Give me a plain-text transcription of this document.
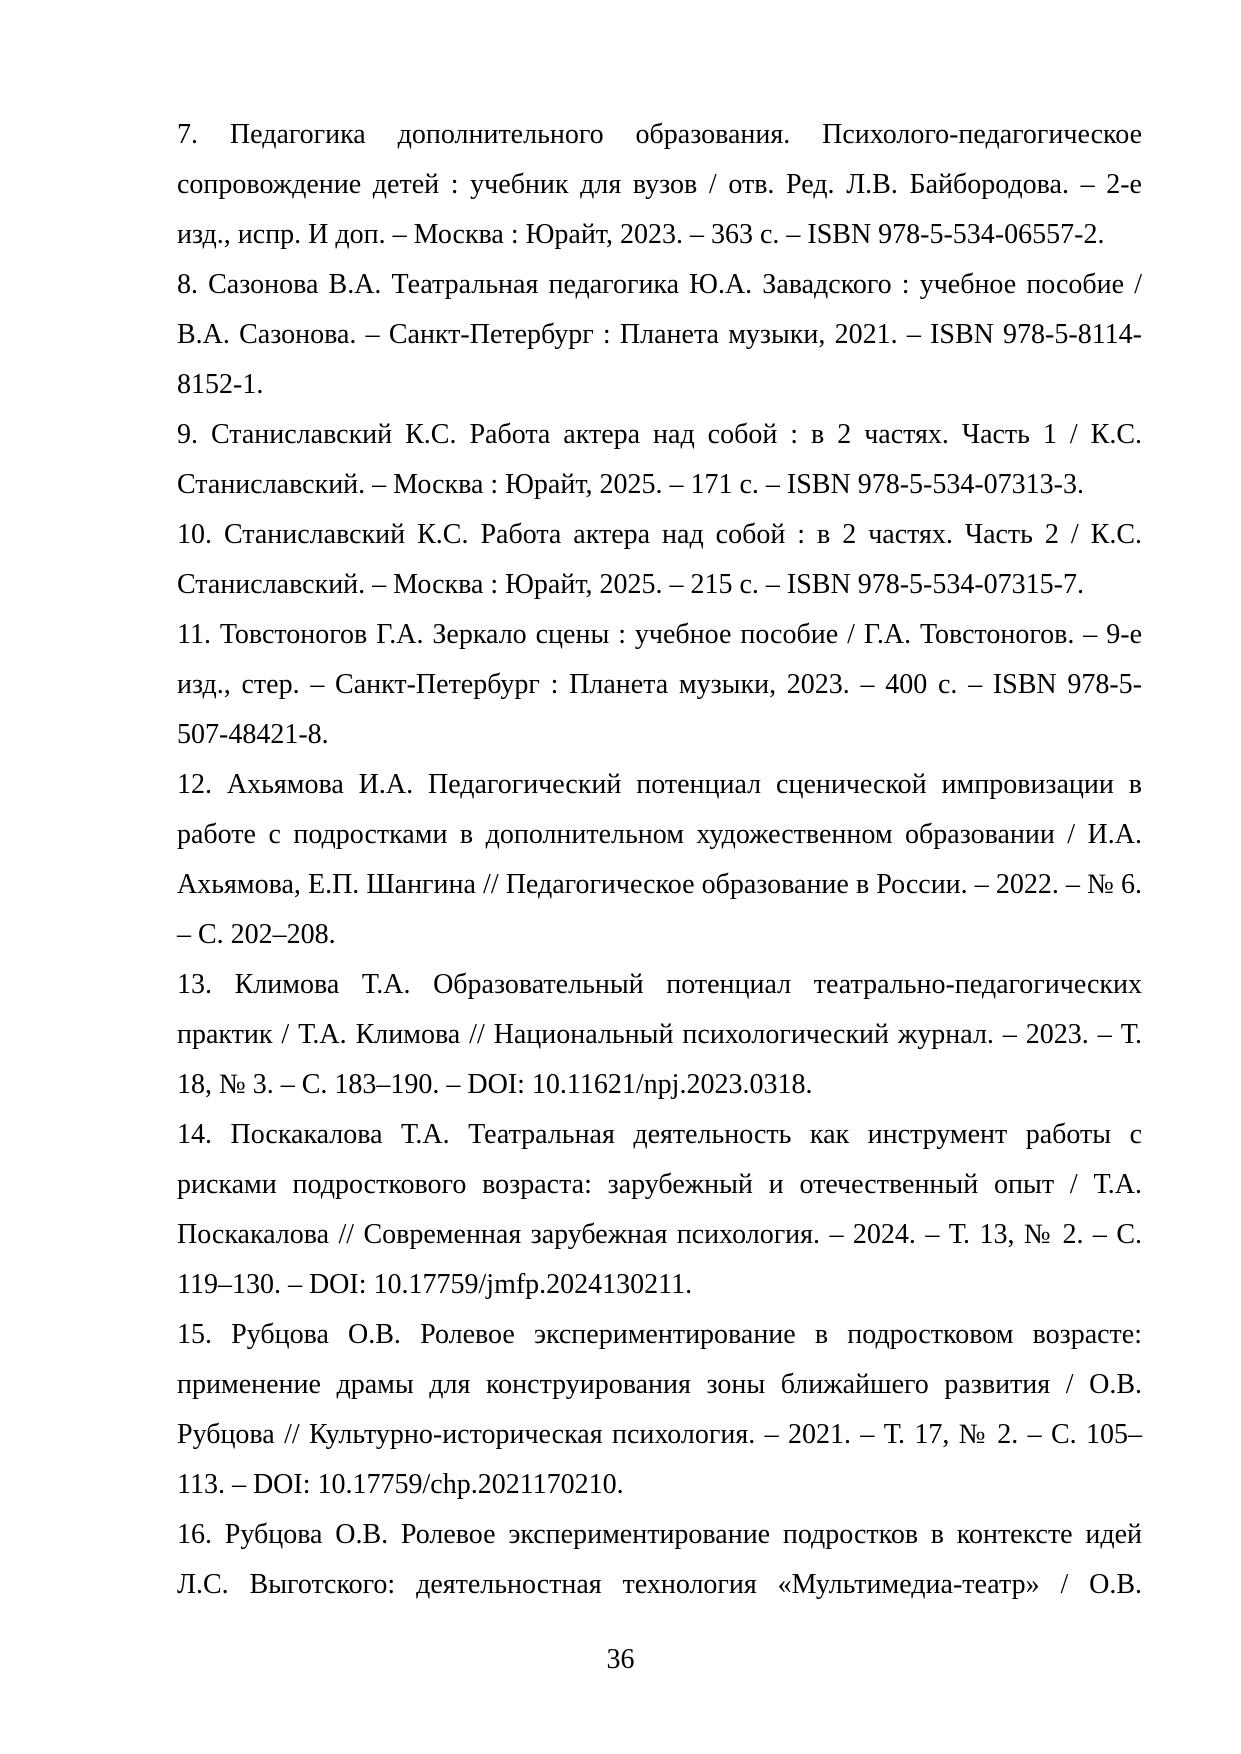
7. Педагогика дополнительного образования. Психолого-педагогическое сопровождение детей : учебник для вузов / отв. Ред. Л.В. Байбородова. – 2-е изд., испр. И доп. – Москва : Юрайт, 2023. – 363 с. – ISBN 978-5-534-06557-2.

8. Сазонова В.А. Театральная педагогика Ю.А. Завадского : учебное пособие / В.А. Сазонова. – Санкт-Петербург : Планета музыки, 2021. – ISBN 978-5-8114-8152-1.

9. Станиславский К.С. Работа актера над собой : в 2 частях. Часть 1 / К.С. Станиславский. – Москва : Юрайт, 2025. – 171 с. – ISBN 978-5-534-07313-3.

10. Станиславский К.С. Работа актера над собой : в 2 частях. Часть 2 / К.С. Станиславский. – Москва : Юрайт, 2025. – 215 с. – ISBN 978-5-534-07315-7.

11. Товстоногов Г.А. Зеркало сцены : учебное пособие / Г.А. Товстоногов. – 9-е изд., стер. – Санкт-Петербург : Планета музыки, 2023. – 400 с. – ISBN 978-5-507-48421-8.

12. Ахьямова И.А. Педагогический потенциал сценической импровизации в работе с подростками в дополнительном художественном образовании / И.А. Ахьямова, Е.П. Шангина // Педагогическое образование в России. – 2022. – № 6. – С. 202–208.

13. Климова Т.А. Образовательный потенциал театрально-педагогических практик / Т.А. Климова // Национальный психологический журнал. – 2023. – Т. 18, № 3. – С. 183–190. – DOI: 10.11621/npj.2023.0318.

14. Поскакалова Т.А. Театральная деятельность как инструмент работы с рисками подросткового возраста: зарубежный и отечественный опыт / Т.А. Поскакалова // Современная зарубежная психология. – 2024. – Т. 13, № 2. – С. 119–130. – DOI: 10.17759/jmfp.2024130211.

15. Рубцова О.В. Ролевое экспериментирование в подростковом возрасте: применение драмы для конструирования зоны ближайшего развития / О.В. Рубцова // Культурно-историческая психология. – 2021. – Т. 17, № 2. – С. 105–113. – DOI: 10.17759/chp.2021170210.

16. Рубцова О.В. Ролевое экспериментирование подростков в контексте идей Л.С. Выготского: деятельностная технология «Мультимедиа-театр» / О.В.

36
